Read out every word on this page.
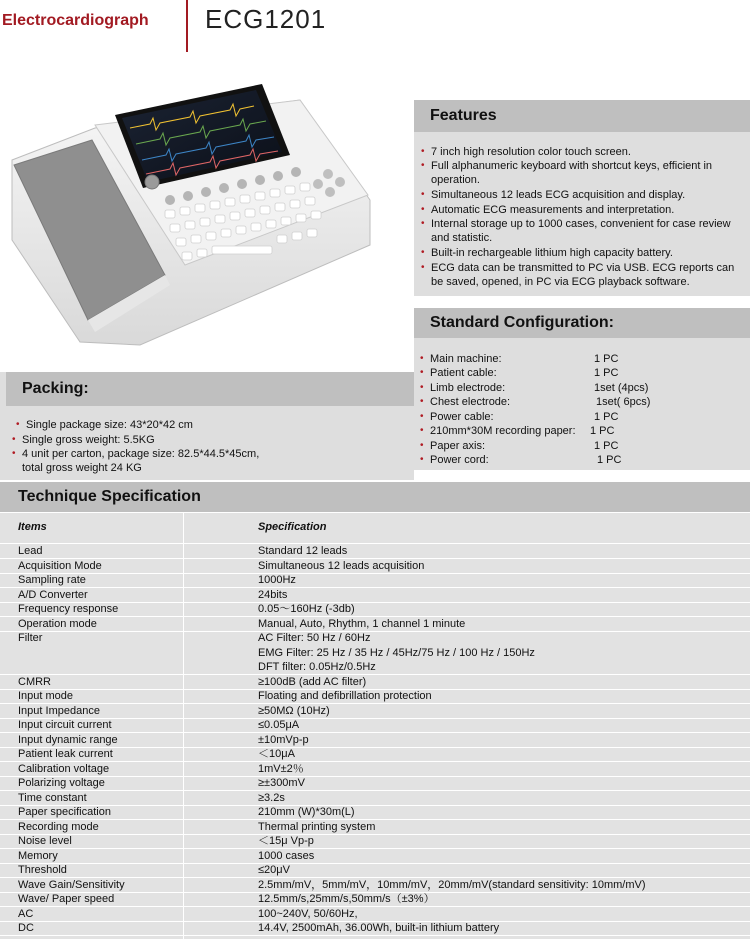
Electrocardiograph ECG1201
Features
• 7 inch high resolution color touch screen.
• Full alphanumeric keyboard with shortcut keys, efficient in operation.
• Simultaneous 12 leads ECG acquisition and display.
• Automatic ECG measurements and interpretation.
• Internal storage up to 1000 cases, convenient for case review and statistic.
• Built-in rechargeable lithium high capacity battery.
• ECG data can be transmitted to PC via USB. ECG reports can be saved, opened, in PC via ECG playback software.
Standard Configuration:
• Main machine:	1 PC
• Patient cable:	1 PC
• Limb electrode:	1set (4pcs)
• Chest electrode:	1set( 6pcs)
• Power cable:	1 PC
• 210mm*30M recording paper: 1 PC
• Paper axis:	1 PC
• Power cord:	1 PC
Packing:
• Single package size: 43*20*42 cm
• Single gross weight: 5.5KG
• 4 unit per carton, package size: 82.5*44.5*45cm, total gross weight 24 KG
Technique Specification
Items	Specification
Lead	Standard 12 leads
Acquisition Mode	Simultaneous 12 leads acquisition
Sampling rate	1000Hz
A/D Converter	24bits
Frequency response	0.05～160Hz (-3db)
Operation mode	Manual, Auto, Rhythm, 1 channel 1 minute
Filter	AC Filter: 50 Hz / 60Hz
EMG Filter: 25 Hz / 35 Hz / 45Hz/75 Hz / 100 Hz / 150Hz
DFT filter: 0.05Hz/0.5Hz
CMRR	≥100dB (add AC filter)
Input mode	Floating and defibrillation protection
Input Impedance	≥50MΩ (10Hz)
Input circuit current	≤0.05μA
Input dynamic range	±10mVp-p
Patient leak current	＜10μA
Calibration voltage	1mV±2％
Polarizing voltage	≥±300mV
Time constant	≥3.2s
Paper specification	210mm (W)*30m(L)
Recording mode	Thermal printing system
Noise level	＜15μ Vp-p
Memory	1000 cases
Threshold	≤20μV
Wave Gain/Sensitivity	2.5mm/mV，5mm/mV，10mm/mV，20mm/mV(standard sensitivity: 10mm/mV)
Wave/ Paper speed	12.5mm/s,25mm/s,50mm/s（±3%）
AC	100~240V, 50/60Hz,
DC	14.4V, 2500mAh, 36.00Wh, built-in lithium battery
